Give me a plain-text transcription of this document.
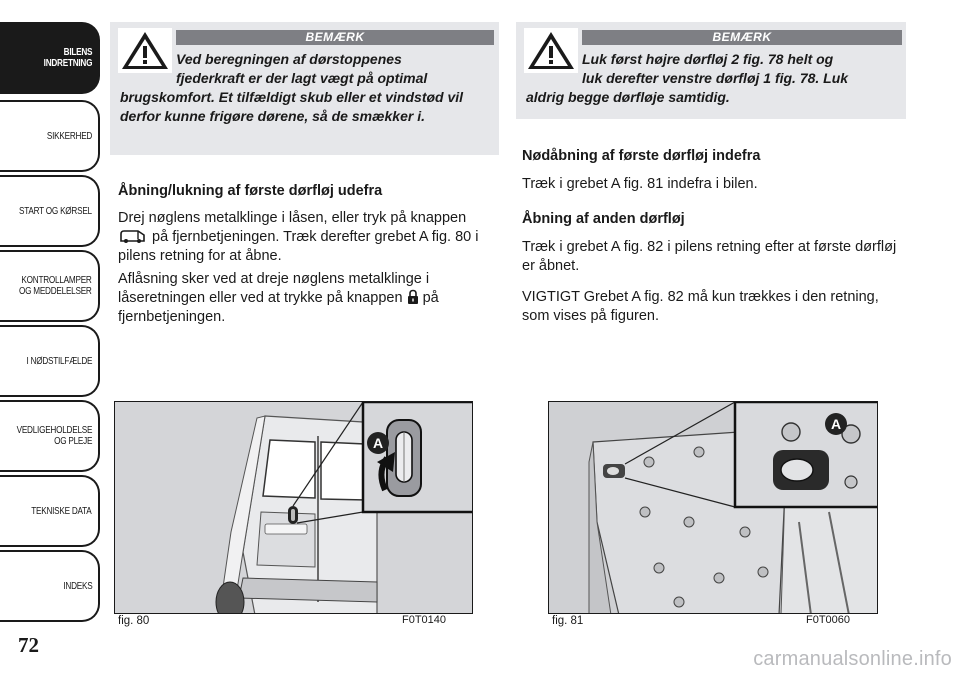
BILENS
INDRETNING
SIKKERHED
START OG KØRSEL
KONTROLLAMPER
OG MEDDELELSER
I NØDSTILFÆLDE
VEDLIGEHOLDELSE
OG PLEJE
TEKNISKE DATA
INDEKS
72
BEMÆRK
Ved beregningen af dørstoppenes
fjederkraft er der lagt vægt på optimal
brugskomfort. Et tilfældigt skub eller et vindstød vil derfor kunne frigøre dørene, så de smækker i.
BEMÆRK
Luk først højre dørfløj 2 fig. 78 helt og
luk derefter venstre dørfløj 1 fig. 78. Luk
aldrig begge dørfløje samtidig.
Åbning/lukning af første dørfløj udefra

Drej nøglens metalklinge i låsen, eller tryk på knappen  på fjernbetjeningen. Træk derefter grebet A fig. 80 i pilens retning for at åbne.

Aflåsning sker ved at dreje nøglens metalklinge i låseretningen eller ved at trykke på knappen på fjernbetjeningen.

Nødåbning af første dørfløj indefra

Træk i grebet A fig. 81 indefra i bilen.

Åbning af anden dørfløj

Træk i grebet A fig. 82 i pilens retning efter at første dørfløj er åbnet.

VIGTIGT Grebet A fig. 82 må kun trækkes i den retning, som vises på figuren.

A
fig. 80	F0T0140
A
fig. 81	F0T0060
carmanualsonline.info
